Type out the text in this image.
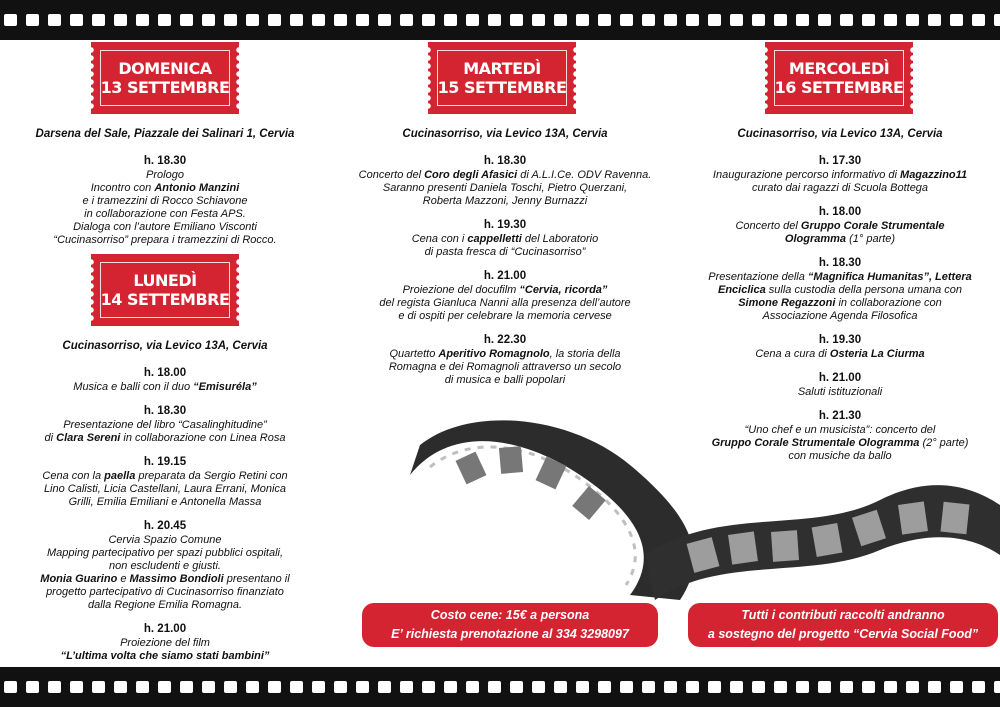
DOMENICA
13 SETTEMBRE
LUNEDÌ
14 SETTEMBRE
MARTEDÌ
15 SETTEMBRE
MERCOLEDÌ
16 SETTEMBRE
Darsena del Sale, Piazzale dei Salinari 1, Cervia
h. 18.30

Prologo

Incontro con Antonio Manzini

e i tramezzini di Rocco Schiavone

in collaborazione con Festa APS.

Dialoga con l’autore Emiliano Visconti

“Cucinasorriso” prepara i tramezzini di Rocco.

Cucinasorriso, via Levico 13A, Cervia
h. 18.00

Musica e balli con il duo “Emisuréla”

h. 18.30

Presentazione del libro “Casalinghitudine”

di Clara Sereni in collaborazione con Linea Rosa

h. 19.15

Cena con la paella preparata da Sergio Retini con

Lino Calisti, Licia Castellani, Laura Errani, Monica

Grilli, Emilia Emiliani e Antonella Massa

h. 20.45

Cervia Spazio Comune

Mapping partecipativo per spazi pubblici ospitali,

non escludenti e giusti.

Monia Guarino e Massimo Bondioli presentano il

progetto partecipativo di Cucinasorriso finanziato

dalla Regione Emilia Romagna.

h. 21.00

Proiezione del film

“L’ultima volta che siamo stati bambini”

Cucinasorriso, via Levico 13A, Cervia
h. 18.30

Concerto del Coro degli Afasici di A.L.I.Ce. ODV Ravenna.

Saranno presenti Daniela Toschi, Pietro Querzani,

Roberta Mazzoni, Jenny Burnazzi

h. 19.30

Cena con i cappelletti del Laboratorio

di pasta fresca di “Cucinasorriso”

h. 21.00

Proiezione del docufilm “Cervia, ricorda”

del regista Gianluca Nanni alla presenza dell’autore

e di ospiti per celebrare la memoria cervese

h. 22.30

Quartetto Aperitivo Romagnolo, la storia della

Romagna e dei Romagnoli attraverso un secolo

di musica e balli popolari

Cucinasorriso, via Levico 13A, Cervia
h. 17.30

Inaugurazione percorso informativo di Magazzino11

curato dai ragazzi di Scuola Bottega

h. 18.00

Concerto del Gruppo Corale Strumentale

Ologramma (1° parte)

h. 18.30

Presentazione della “Magnifica Humanitas”, Lettera

Enciclica sulla custodia della persona umana con

Simone Regazzoni in collaborazione con

Associazione Agenda Filosofica

h. 19.30

Cena a cura di Osteria La Ciurma

h. 21.00

Saluti istituzionali

h. 21.30

“Uno chef e un musicista”: concerto del

Gruppo Corale Strumentale Ologramma (2° parte)

con musiche da ballo

Costo cene: 15€ a persona
E’ richiesta prenotazione al 334 3298097
Tutti i contributi raccolti andranno
a sostegno del progetto “Cervia Social Food”
